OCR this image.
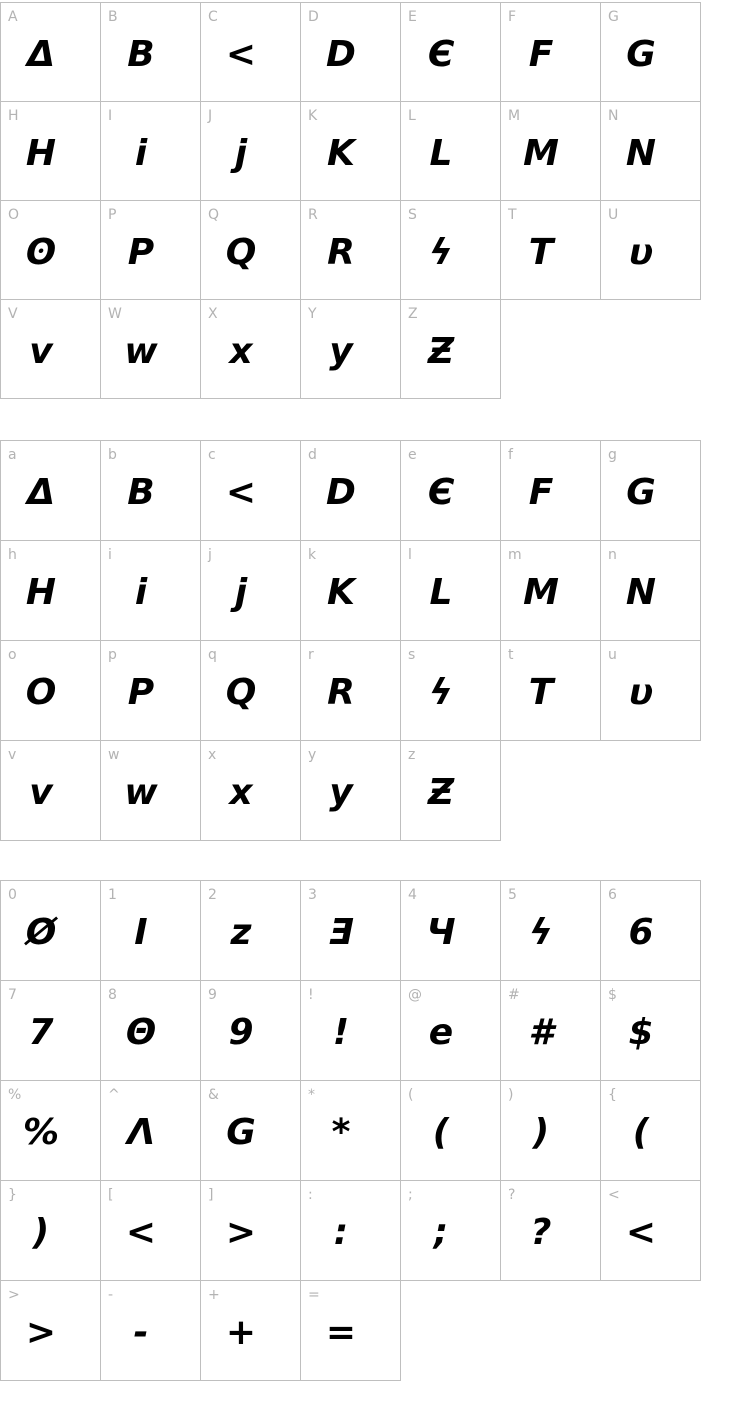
A
Δ
B
B
C
<
D
D
E
Є
F
F
G
G
H
H
I
i
J
j
K
K
L
L
M
M
N
N
O
ʘ
P
P
Q
Q
R
R
S
ϟ
T
T
U
υ
V
v
W
w
X
x
Y
y
Z
Ƶ
a
Δ
b
B
c
<
d
D
e
Є
f
F
g
G
h
H
i
i
j
j
k
K
l
L
m
M
n
N
o
O
p
P
q
Q
r
R
s
ϟ
t
T
u
υ
v
v
w
w
x
x
y
y
z
Ƶ
0
Ø
1
I
2
z
3
Ǝ
4
Ч
5
ϟ
6
6
7
7
8
Θ
9
9
!
!
@
e
#
#
$
$
%
%
^
Λ
&
G
*
*
(
(
)
)
{
(
}
)
[
<
]
>
:
:
;
;
?
?
<
<
>
>
-
-
+
+
=
=
